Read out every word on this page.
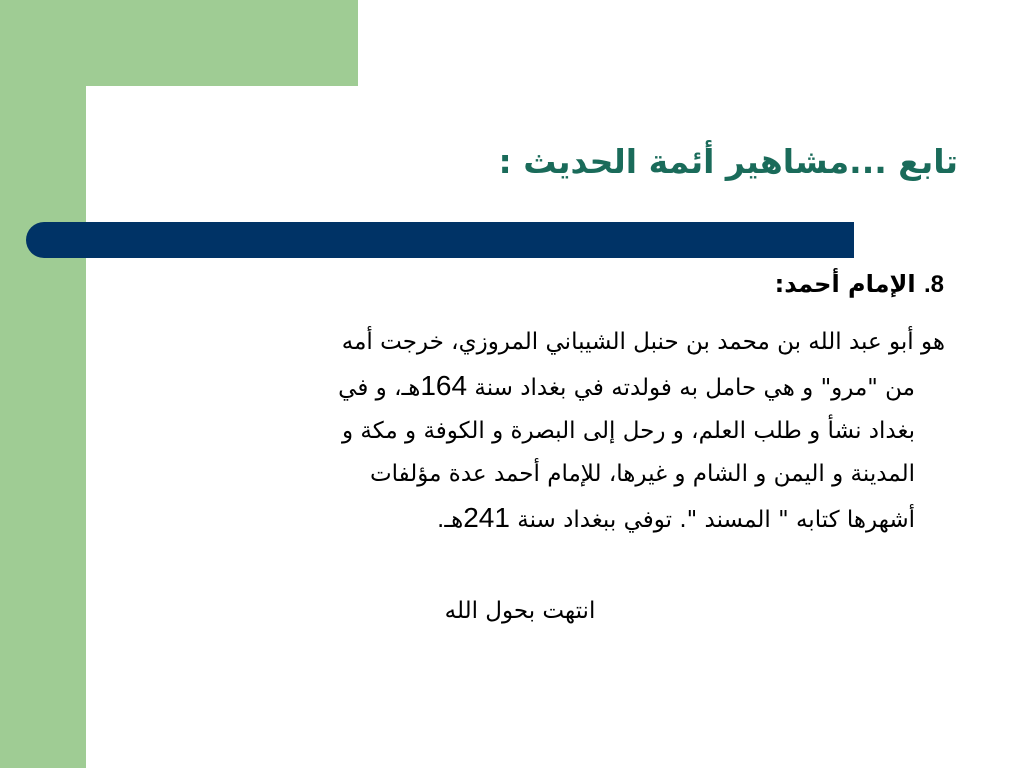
تابع ...مشاهير أئمة الحديث :
8. الإمام أحمد:
هو أبو عبد الله بن محمد بن حنبل الشيباني المروزي، خرجت أمه
من "مرو" و هي حامل به فولدته في بغداد سنة 164هـ، و في
بغداد نشأ و طلب العلم، و رحل إلى البصرة و الكوفة و مكة و
المدينة و اليمن و الشام و غيرها، للإمام أحمد عدة مؤلفات
أشهرها كتابه " المسند ". توفي ببغداد سنة 241هـ.
انتهت بحول الله
